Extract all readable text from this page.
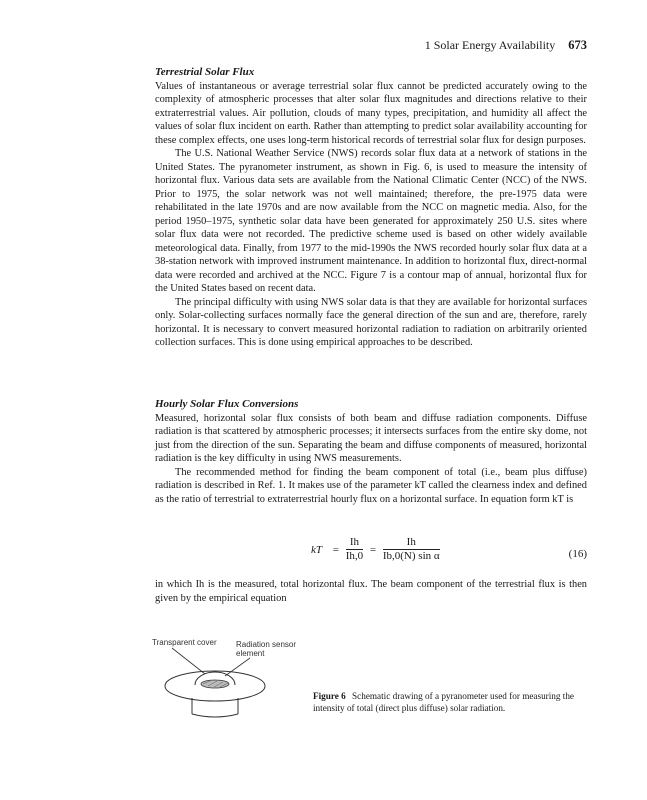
1 Solar Energy Availability 673
Terrestrial Solar Flux

Values of instantaneous or average terrestrial solar flux cannot be predicted accurately owing to the complexity of atmospheric processes that alter solar flux magnitudes and directions relative to their extraterrestrial values. Air pollution, clouds of many types, precipitation, and humidity all affect the values of solar flux incident on earth. Rather than attempting to predict solar availability accounting for these complex effects, one uses long-term historical records of terrestrial solar flux for design purposes.

The U.S. National Weather Service (NWS) records solar flux data at a network of stations in the United States. The pyranometer instrument, as shown in Fig. 6, is used to measure the intensity of horizontal flux. Various data sets are available from the National Climatic Center (NCC) of the NWS. Prior to 1975, the solar network was not well maintained; therefore, the pre-1975 data were rehabilitated in the late 1970s and are now available from the NCC on magnetic media. Also, for the period 1950–1975, synthetic solar data have been generated for approximately 250 U.S. sites where solar flux data were not recorded. The predictive scheme used is based on other widely available meteorological data. Finally, from 1977 to the mid-1990s the NWS recorded hourly solar flux data at a 38-station network with improved instrument maintenance. In addition to horizontal flux, direct-normal data were recorded and archived at the NCC. Figure 7 is a contour map of annual, horizontal flux for the United States based on recent data.

The principal difficulty with using NWS solar data is that they are available for horizontal surfaces only. Solar-collecting surfaces normally face the general direction of the sun and are, therefore, rarely horizontal. It is necessary to convert measured horizontal radiation to radiation on arbitrarily oriented collection surfaces. This is done using empirical approaches to be described.

Hourly Solar Flux Conversions

Measured, horizontal solar flux consists of both beam and diffuse radiation components. Diffuse radiation is that scattered by atmospheric processes; it intersects surfaces from the entire sky dome, not just from the direction of the sun. Separating the beam and diffuse components of measured, horizontal radiation is the key difficulty in using NWS measurements.

The recommended method for finding the beam component of total (i.e., beam plus diffuse) radiation is described in Ref. 1. It makes use of the parameter kT called the clearness index and defined as the ratio of terrestrial to extraterrestrial hourly flux on a horizontal surface. In equation form kT is

kT = $\frac{Ih}{Ih,0} = \frac{Ih}{\text{Ib,0(N) sin α}}$	(16)

in which Ih is the measured, total horizontal flux. The beam component of the terrestrial flux is then given by the empirical equation

Transparent cover Radiation sensor element
Figure 6 Schematic drawing of a pyranometer used for measuring the intensity of total (direct plus diffuse) solar radiation.
